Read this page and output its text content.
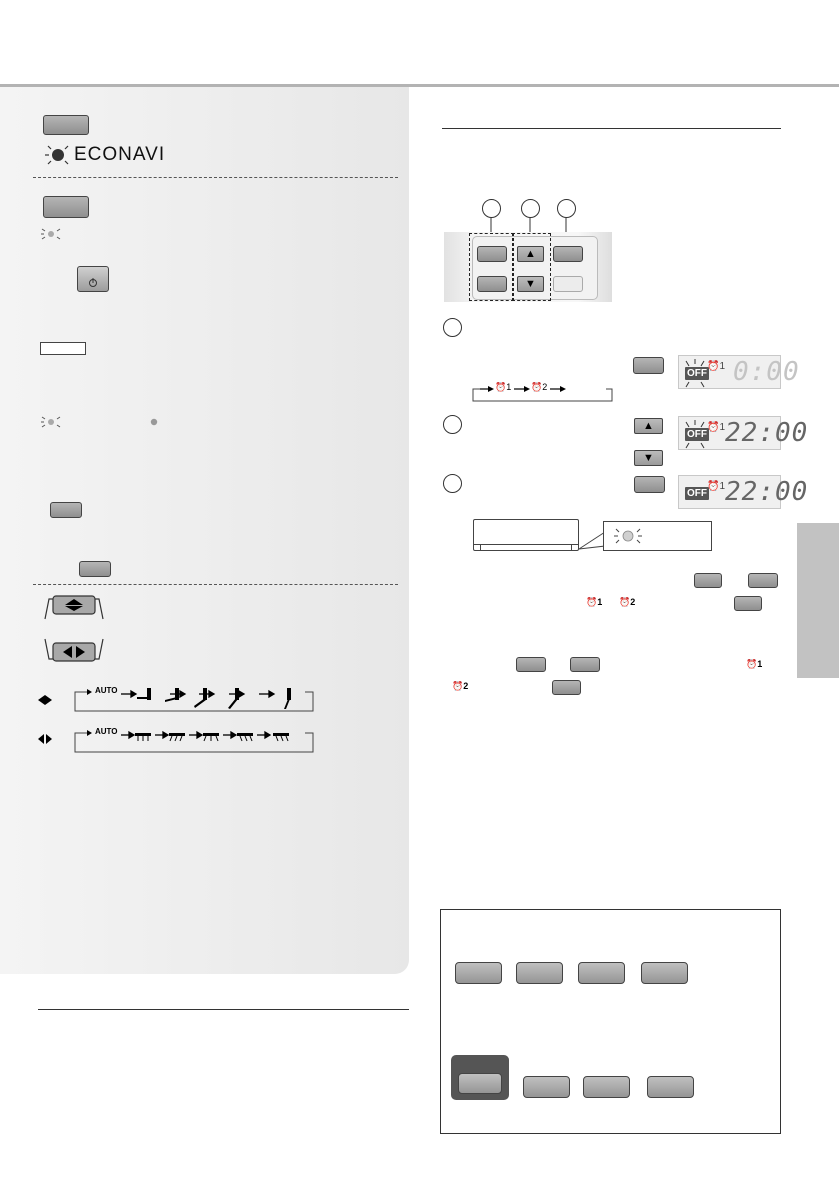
ECONAVI
AUTO
AUTO
▲
▼
OFF
⏰1 0:00
⏰1 ⏰2
▲
▼
OFF
⏰1 22:00
OFF
⏰1 22:00
⏰1 ⏰2
⏰1
⏰2
